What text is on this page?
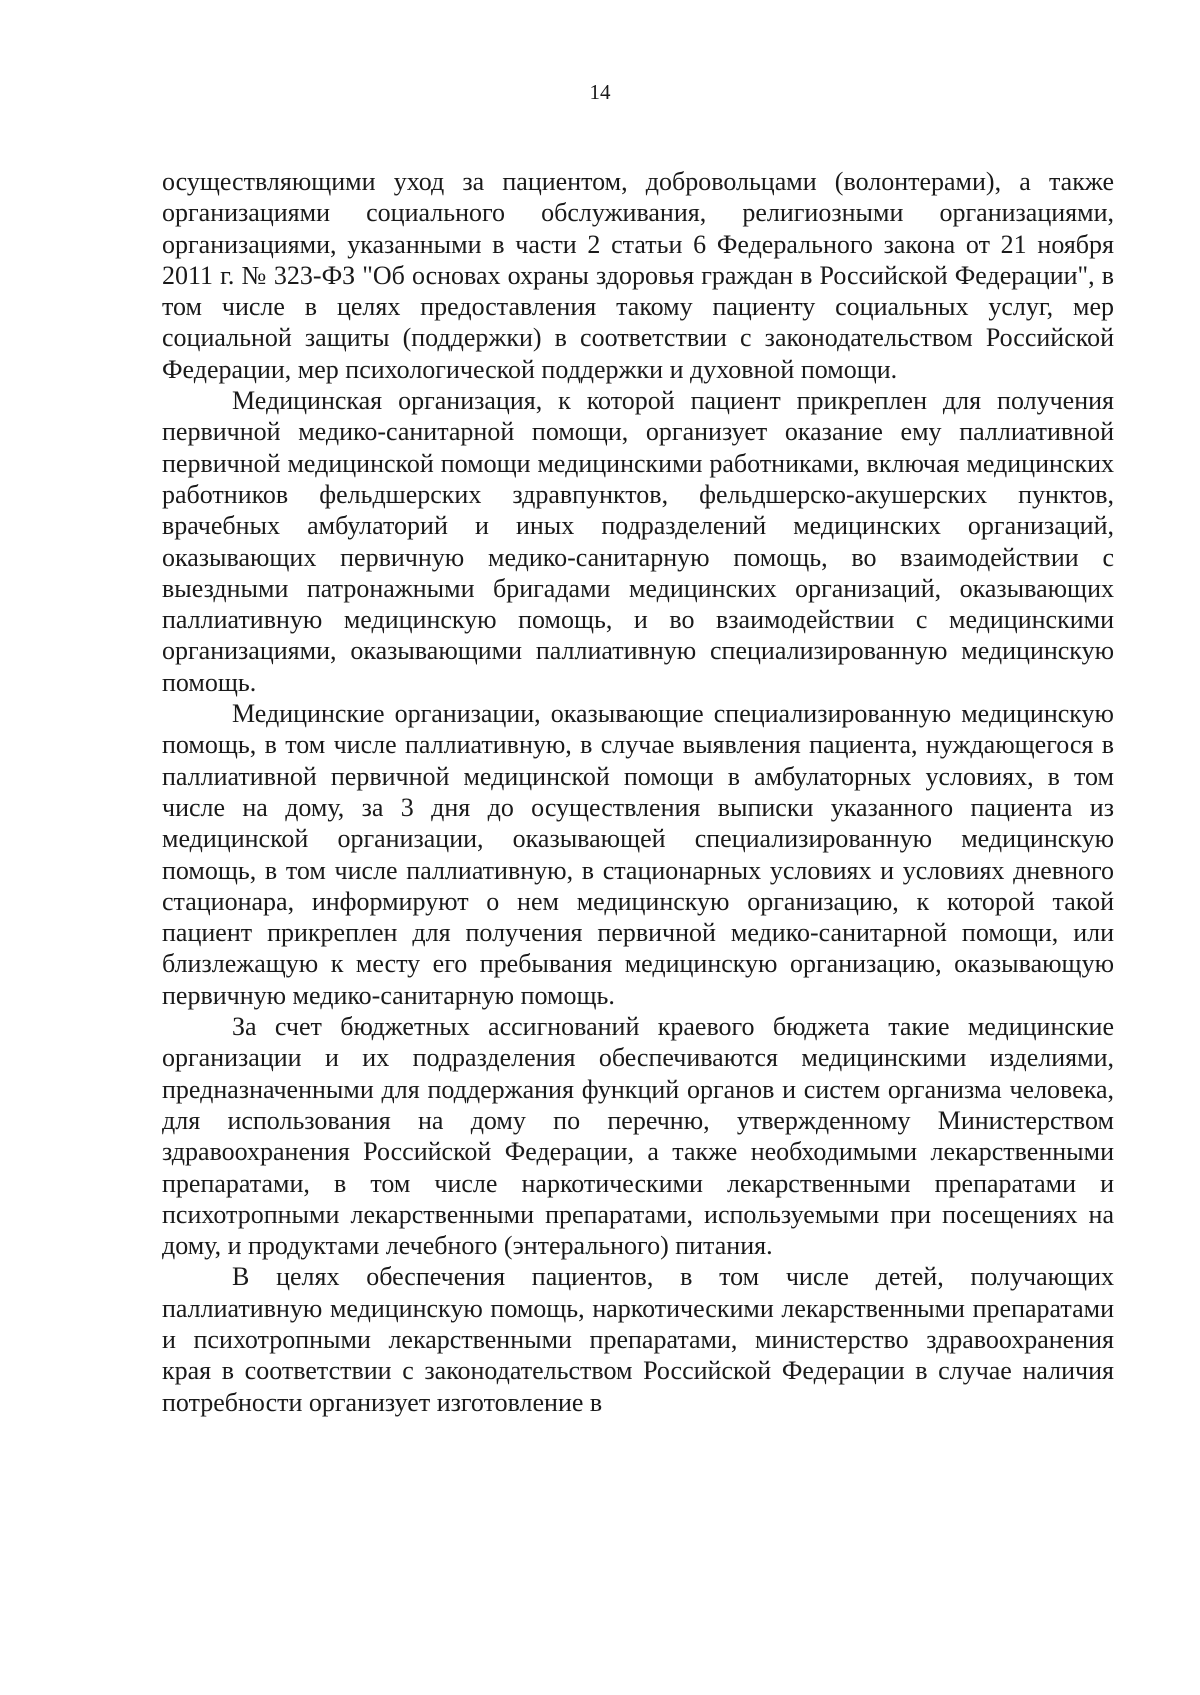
14

осуществляющими уход за пациентом, добровольцами (волонтерами), а также организациями социального обслуживания, религиозными организациями, организациями, указанными в части 2 статьи 6 Федерального закона от 21 ноября 2011 г. № 323-ФЗ "Об основах охраны здоровья граждан в Российской Федерации", в том числе в целях предоставления такому пациенту социальных услуг, мер социальной защиты (поддержки) в соответствии с законодательством Российской Федерации, мер психологической поддержки и духовной помощи.

Медицинская организация, к которой пациент прикреплен для получения первичной медико-санитарной помощи, организует оказание ему паллиативной первичной медицинской помощи медицинскими работниками, включая медицинских работников фельдшерских здравпунктов, фельдшерско-акушерских пунктов, врачебных амбулаторий и иных подразделений медицинских организаций, оказывающих первичную медико-санитарную помощь, во взаимодействии с выездными патронажными бригадами медицинских организаций, оказывающих паллиативную медицинскую помощь, и во взаимодействии с медицинскими организациями, оказывающими паллиативную специализированную медицинскую помощь.

Медицинские организации, оказывающие специализированную медицинскую помощь, в том числе паллиативную, в случае выявления пациента, нуждающегося в паллиативной первичной медицинской помощи в амбулаторных условиях, в том числе на дому, за 3 дня до осуществления выписки указанного пациента из медицинской организации, оказывающей специализированную медицинскую помощь, в том числе паллиативную, в стационарных условиях и условиях дневного стационара, информируют о нем медицинскую организацию, к которой такой пациент прикреплен для получения первичной медико-санитарной помощи, или близлежащую к месту его пребывания медицинскую организацию, оказывающую первичную медико-санитарную помощь.

За счет бюджетных ассигнований краевого бюджета такие медицинские организации и их подразделения обеспечиваются медицинскими изделиями, предназначенными для поддержания функций органов и систем организма человека, для использования на дому по перечню, утвержденному Министерством здравоохранения Российской Федерации, а также необходимыми лекарственными препаратами, в том числе наркотическими лекарственными препаратами и психотропными лекарственными препаратами, используемыми при посещениях на дому, и продуктами лечебного (энтерального) питания.

В целях обеспечения пациентов, в том числе детей, получающих паллиативную медицинскую помощь, наркотическими лекарственными препаратами и психотропными лекарственными препаратами, министерство здравоохранения края в соответствии с законодательством Российской Федерации в случае наличия потребности организует изготовление в
